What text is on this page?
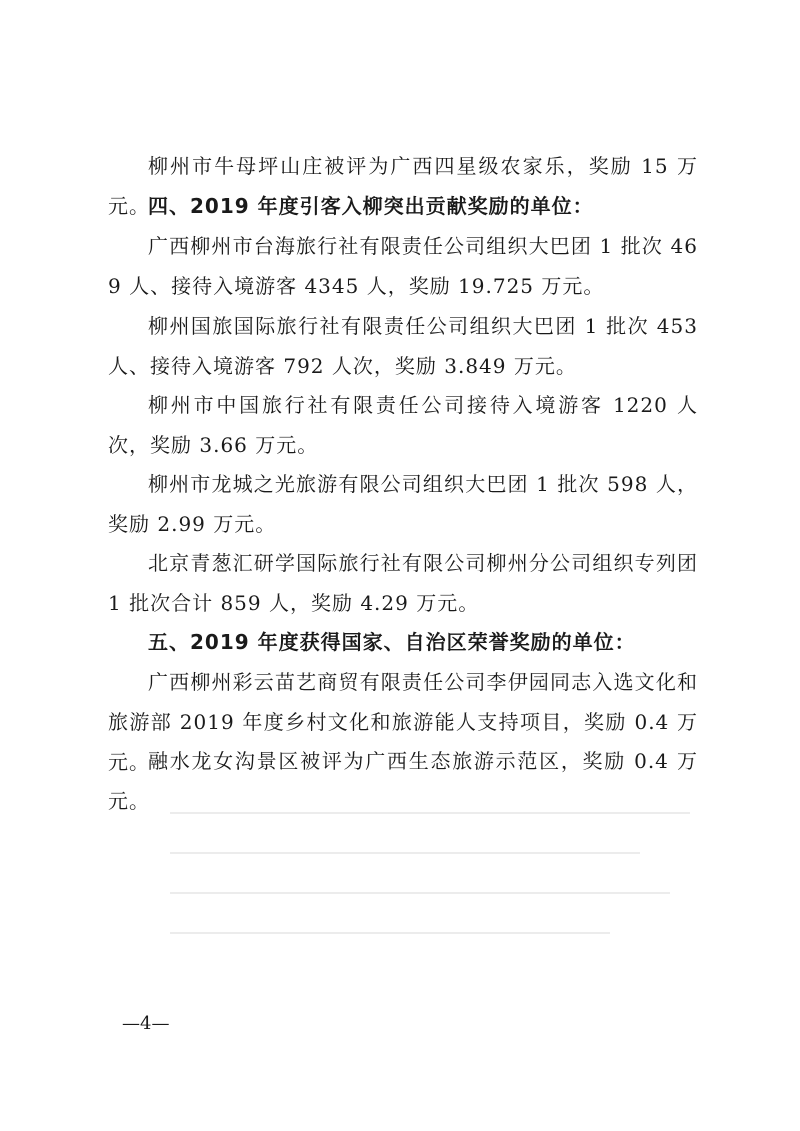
柳州市牛母坪山庄被评为广西四星级农家乐，奖励 15 万元。

四、2019 年度引客入柳突出贡献奖励的单位：

广西柳州市台海旅行社有限责任公司组织大巴团 1 批次 469 人、接待入境游客 4345 人，奖励 19.725 万元。

柳州国旅国际旅行社有限责任公司组织大巴团 1 批次 453 人、接待入境游客 792 人次，奖励 3.849 万元。

柳州市中国旅行社有限责任公司接待入境游客 1220 人次，奖励 3.66 万元。

柳州市龙城之光旅游有限公司组织大巴团 1 批次 598 人，奖励 2.99 万元。

北京青葱汇研学国际旅行社有限公司柳州分公司组织专列团 1 批次合计 859 人，奖励 4.29 万元。

五、2019 年度获得国家、自治区荣誉奖励的单位：

广西柳州彩云苗艺商贸有限责任公司李伊园同志入选文化和旅游部 2019 年度乡村文化和旅游能人支持项目，奖励 0.4 万元。

融水龙女沟景区被评为广西生态旅游示范区，奖励 0.4 万元。

—4—
